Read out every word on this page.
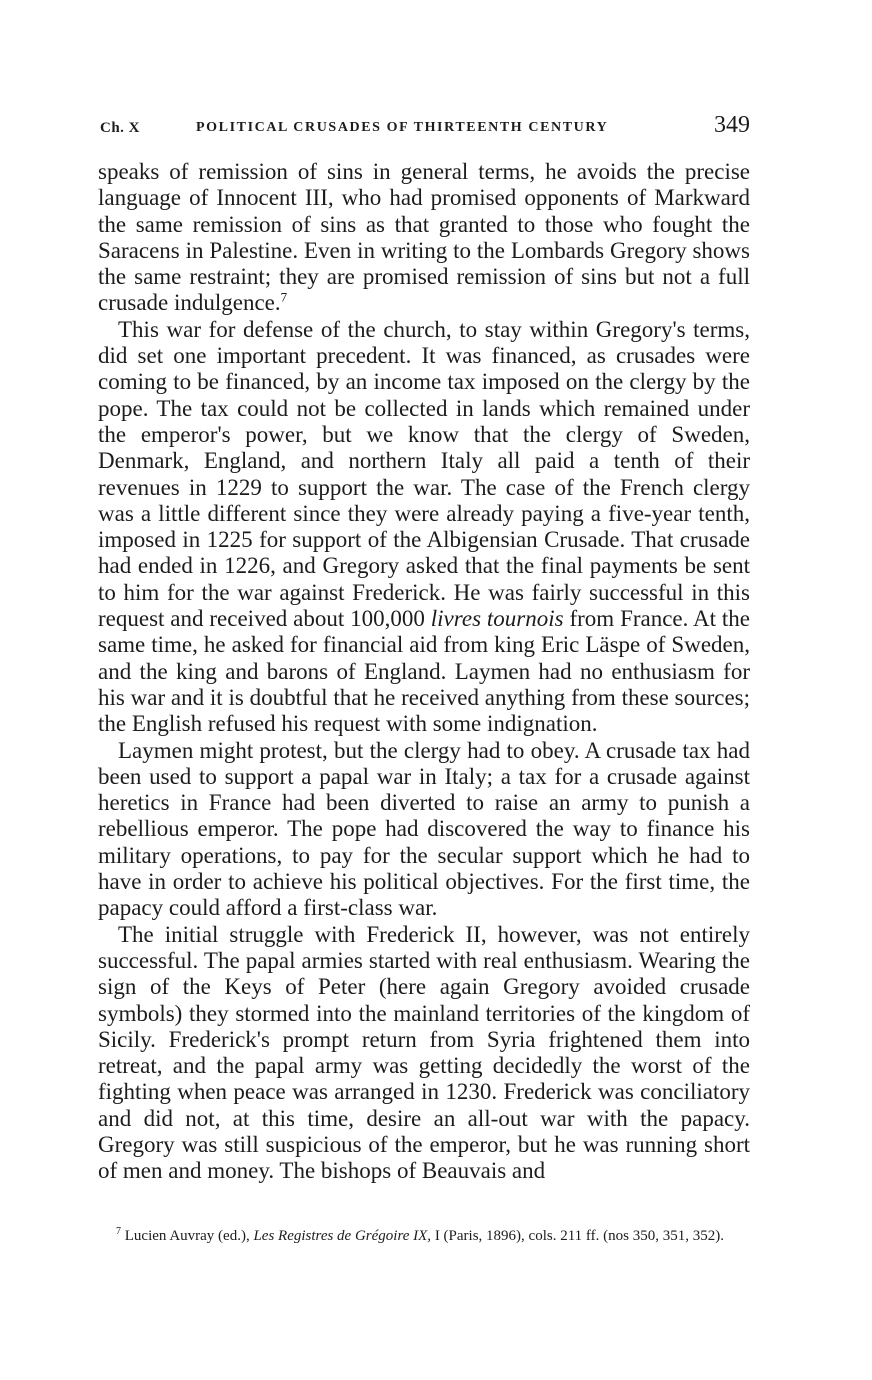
Ch. X	POLITICAL CRUSADES OF THIRTEENTH CENTURY	349

speaks of remission of sins in general terms, he avoids the precise language of Innocent III, who had promised opponents of Markward the same remission of sins as that granted to those who fought the Saracens in Palestine. Even in writing to the Lombards Gregory shows the same restraint; they are promised remission of sins but not a full crusade indulgence.$^7$

This war for defense of the church, to stay within Gregory's terms, did set one important precedent. It was financed, as crusades were coming to be financed, by an income tax imposed on the clergy by the pope. The tax could not be collected in lands which remained under the emperor's power, but we know that the clergy of Sweden, Denmark, England, and northern Italy all paid a tenth of their revenues in 1229 to support the war. The case of the French clergy was a little different since they were already paying a five-year tenth, imposed in 1225 for support of the Albigensian Crusade. That crusade had ended in 1226, and Gregory asked that the final payments be sent to him for the war against Frederick. He was fairly successful in this request and received about 100,000 livres tournois from France. At the same time, he asked for financial aid from king Eric Läspe of Sweden, and the king and barons of England. Laymen had no enthusiasm for his war and it is doubtful that he received anything from these sources; the English refused his request with some indignation.

Laymen might protest, but the clergy had to obey. A crusade tax had been used to support a papal war in Italy; a tax for a crusade against heretics in France had been diverted to raise an army to punish a rebellious emperor. The pope had discovered the way to finance his military operations, to pay for the secular support which he had to have in order to achieve his political objectives. For the first time, the papacy could afford a first-class war.

The initial struggle with Frederick II, however, was not entirely successful. The papal armies started with real enthusiasm. Wearing the sign of the Keys of Peter (here again Gregory avoided crusade symbols) they stormed into the mainland territories of the kingdom of Sicily. Frederick's prompt return from Syria frightened them into retreat, and the papal army was getting decidedly the worst of the fighting when peace was arranged in 1230. Frederick was conciliatory and did not, at this time, desire an all-out war with the papacy. Gregory was still suspicious of the emperor, but he was running short of men and money. The bishops of Beauvais and

$^7$ Lucien Auvray (ed.), Les Registres de Grégoire IX, I (Paris, 1896), cols. 211 ff. (nos 350, 351, 352).
